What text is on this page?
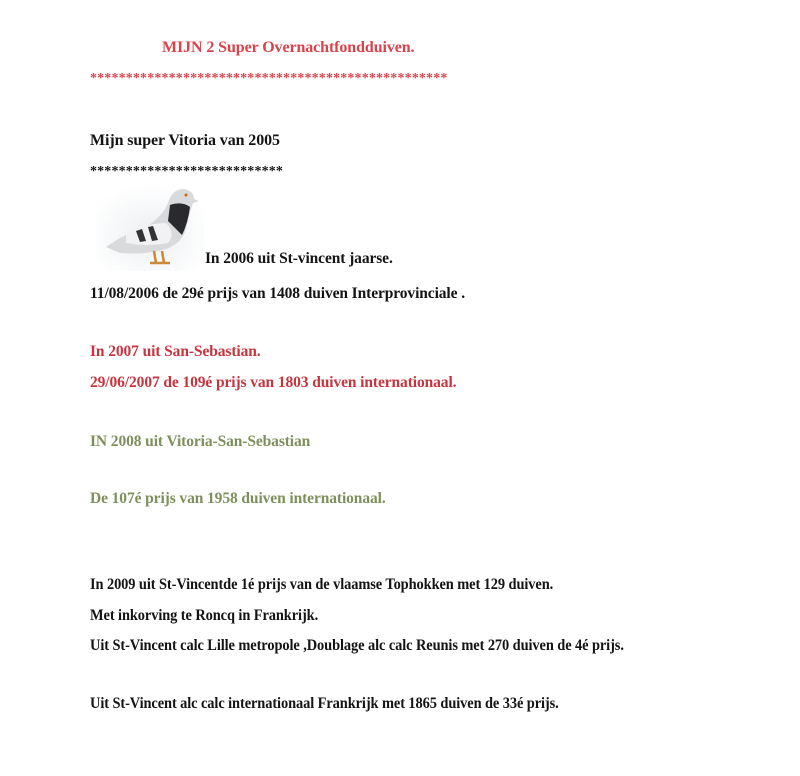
MIJN 2 Super Overnachtfondduiven.
**************************************************
Mijn super Vitoria van 2005
***************************
In 2006 uit St-vincent jaarse.
11/08/2006 de 29é prijs van 1408 duiven Interprovinciale .
In 2007 uit San-Sebastian.
29/06/2007 de 109é prijs van 1803 duiven internationaal.
IN 2008 uit Vitoria-San-Sebastian
De 107é prijs van 1958 duiven internationaal.
In 2009 uit St-Vincentde 1é prijs van de vlaamse Tophokken met 129 duiven.
Met inkorving te Roncq in Frankrijk.
Uit St-Vincent calc Lille metropole ,Doublage alc calc Reunis met 270 duiven de 4é prijs.
Uit St-Vincent alc calc internationaal Frankrijk met 1865 duiven de 33é prijs.
